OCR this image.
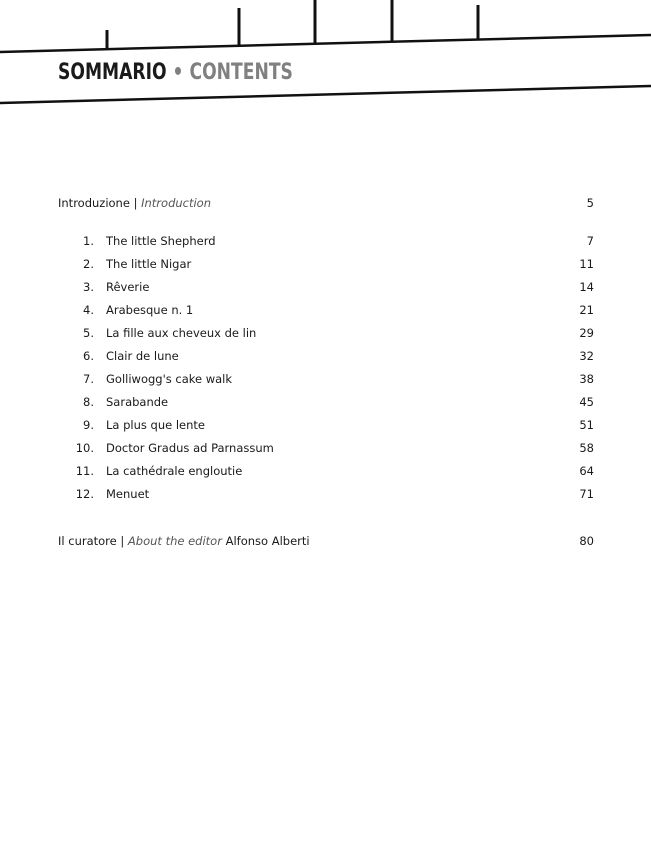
SOMMARIO • CONTENTS
Introduzione | Introduction	5
1. The little Shepherd	7
2. The little Nigar	11
3. Rêverie	14
4. Arabesque n. 1	21
5. La fille aux cheveux de lin	29
6. Clair de lune	32
7. Golliwogg's cake walk	38
8. Sarabande	45
9. La plus que lente	51
10. Doctor Gradus ad Parnassum	58
11. La cathédrale engloutie	64
12. Menuet	71
Il curatore | About the editor Alfonso Alberti	80
